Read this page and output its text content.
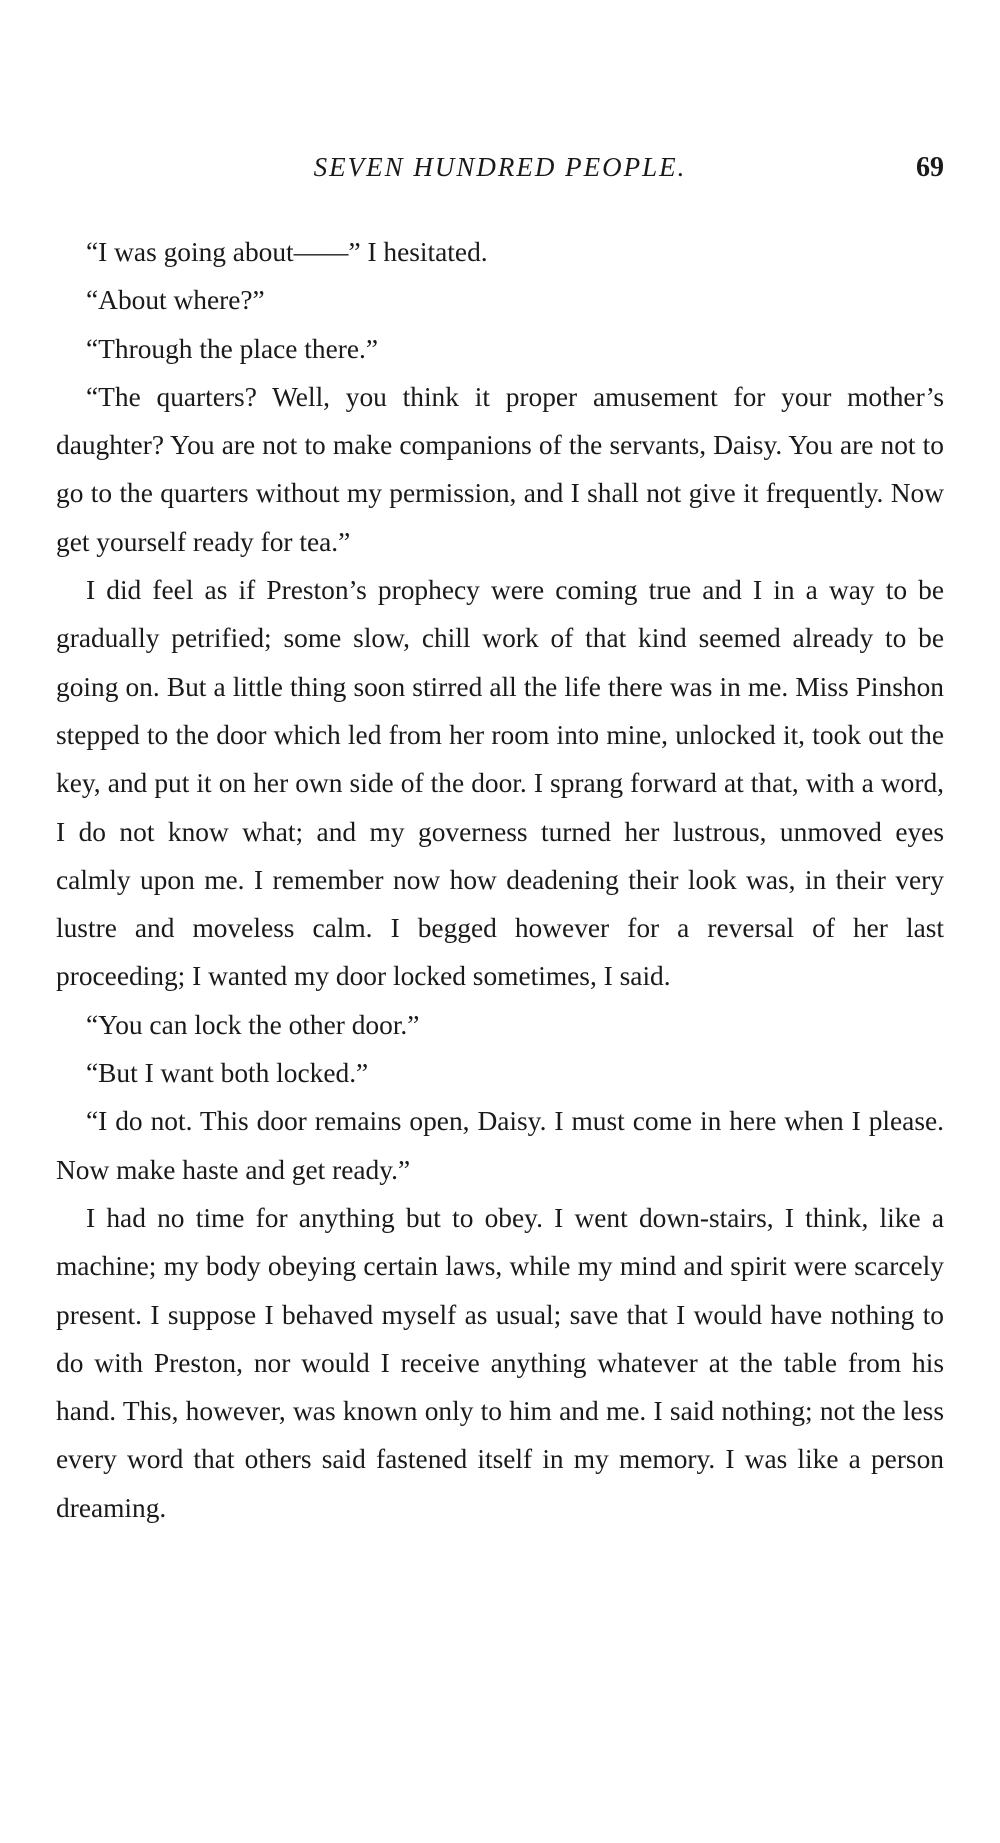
SEVEN HUNDRED PEOPLE.	69

“I was going about——” I hesitated.

“About where?”

“Through the place there.”

“The quarters? Well, you think it proper amusement for your mother’s daughter? You are not to make companions of the servants, Daisy. You are not to go to the quarters without my permission, and I shall not give it frequently. Now get yourself ready for tea.”

I did feel as if Preston’s prophecy were coming true and I in a way to be gradually petrified; some slow, chill work of that kind seemed already to be going on. But a little thing soon stirred all the life there was in me. Miss Pinshon stepped to the door which led from her room into mine, unlocked it, took out the key, and put it on her own side of the door. I sprang forward at that, with a word, I do not know what; and my governess turned her lustrous, unmoved eyes calmly upon me. I remember now how deadening their look was, in their very lustre and moveless calm. I begged however for a reversal of her last proceeding; I wanted my door locked sometimes, I said.

“You can lock the other door.”

“But I want both locked.”

“I do not. This door remains open, Daisy. I must come in here when I please. Now make haste and get ready.”

I had no time for anything but to obey. I went down-stairs, I think, like a machine; my body obeying certain laws, while my mind and spirit were scarcely present. I suppose I behaved myself as usual; save that I would have nothing to do with Preston, nor would I receive anything whatever at the table from his hand. This, however, was known only to him and me. I said nothing; not the less every word that others said fastened itself in my memory. I was like a person dreaming.
